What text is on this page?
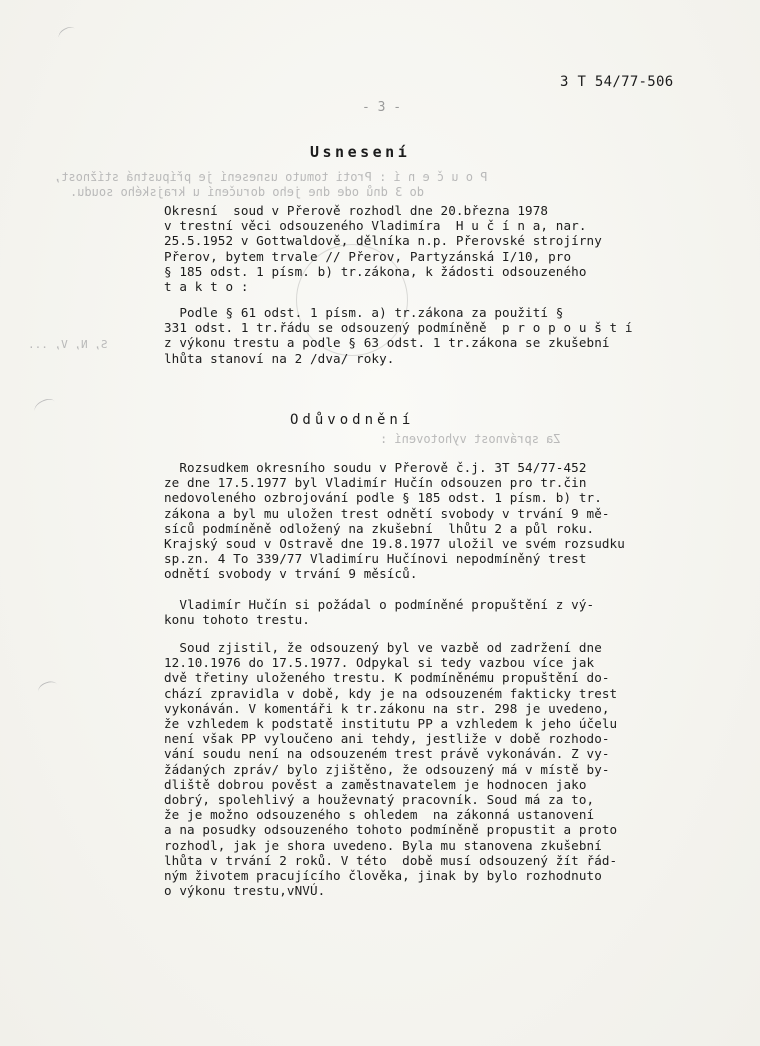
3 T 54/77-506
- 3 -
Usnesení
P o u č e n í : Proti tomuto usnesení je přípustná stížnost,
do 3 dnů ode dne jeho doručení u krajského soudu.
S, N, V, ...
Okresní  soud v Přerově rozhodl dne 20.března 1978
v trestní věci odsouzeného Vladimíra  H u č í n a, nar.
25.5.1952 v Gottwaldově, dělníka n.p. Přerovské strojírny
Přerov, bytem trvale // Přerov, Partyzánská I/10, pro
§ 185 odst. 1 písm. b) tr.zákona, k žádosti odsouzeného
t a k t o :
Podle § 61 odst. 1 písm. a) tr.zákona za použití §
331 odst. 1 tr.řádu se odsouzený podmíněně  p r o p o u š t í
z výkonu trestu a podle § 63 odst. 1 tr.zákona se zkušební
lhůta stanoví na 2 /dva/ roky.
Odůvodnění
Za správnost vyhotovení :
Rozsudkem okresního soudu v Přerově č.j. 3T 54/77-452
ze dne 17.5.1977 byl Vladimír Hučín odsouzen pro tr.čin
nedovoleného ozbrojování podle § 185 odst. 1 písm. b) tr.
zákona a byl mu uložen trest odnětí svobody v trvání 9 mě-
síců podmíněně odložený na zkušební  lhůtu 2 a půl roku.
Krajský soud v Ostravě dne 19.8.1977 uložil ve svém rozsudku
sp.zn. 4 To 339/77 Vladimíru Hučínovi nepodmíněný trest
odnětí svobody v trvání 9 měsíců.
Vladimír Hučín si požádal o podmíněné propuštění z vý-
konu tohoto trestu.
Soud zjistil, že odsouzený byl ve vazbě od zadržení dne
12.10.1976 do 17.5.1977. Odpykal si tedy vazbou více jak
dvě třetiny uloženého trestu. K podmíněnému propuštění do-
chází zpravidla v době, kdy je na odsouzeném fakticky trest
vykonáván. V komentáři k tr.zákonu na str. 298 je uvedeno,
že vzhledem k podstatě institutu PP a vzhledem k jeho účelu
není však PP vyloučeno ani tehdy, jestliže v době rozhodo-
vání soudu není na odsouzeném trest právě vykonáván. Z vy-
žádaných zpráv/ bylo zjištěno, že odsouzený má v místě by-
dliště dobrou pověst a zaměstnavatelem je hodnocen jako
dobrý, spolehlivý a houževnatý pracovník. Soud má za to,
že je možno odsouzeného s ohledem  na zákonná ustanovení
a na posudky odsouzeného tohoto podmíněně propustit a proto
rozhodl, jak je shora uvedeno. Byla mu stanovena zkušební
lhůta v trvání 2 roků. V této  době musí odsouzený žít řád-
ným životem pracujícího člověka, jinak by bylo rozhodnuto
o výkonu trestu,vNVÚ.
